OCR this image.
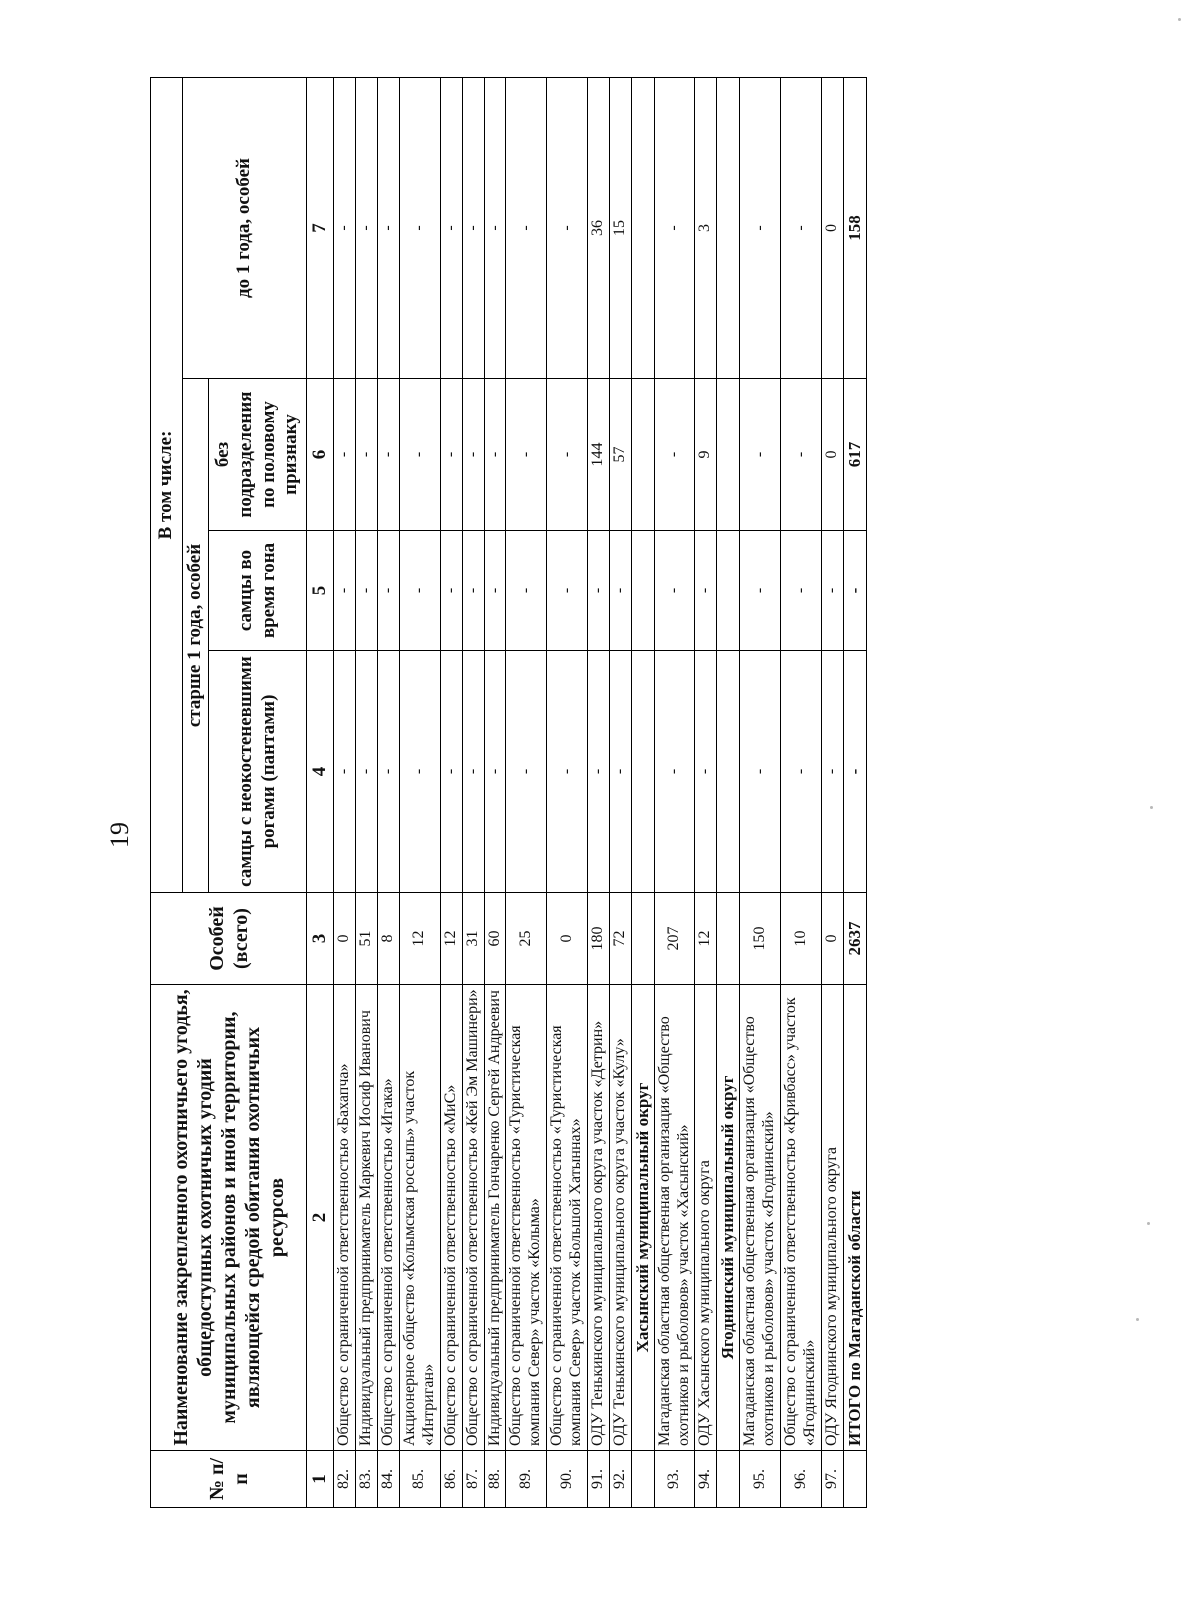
19
№ п/п	Наименование закрепленного охотничьего угодья, общедоступных охотничьих угодий муниципальных районов и иной территории, являющейся средой обитания охотничьих ресурсов	Особей (всего)	В том числе:			
			старше 1 года, особей			до 1 года, особей
			самцы с неокостеневшими рогами (пантами)	самцы во время гона	без подразделения по половому признаку	
1	2	3	4	5	6	7
82.	Общество с ограниченной ответственностью «Бахапча»	0	-	-	-	-
83.	Индивидуальный предприниматель Маркевич Иосиф Иванович	51	-	-	-	-
84.	Общество с ограниченной ответственностью «Игака»	8	-	-	-	-
85.	Акционерное общество «Колымская россыпь» участок «Интриган»	12	-	-	-	-
86.	Общество с ограниченной ответственностью «МиС»	12	-	-	-	-
87.	Общество с ограниченной ответственностью «Кей Эм Машинери»	31	-	-	-	-
88.	Индивидуальный предприниматель Гончаренко Сергей Андреевич	60	-	-	-	-
89.	Общество с ограниченной ответственностью «Туристическая компания Север» участок «Колыма»	25	-	-	-	-
90.	Общество с ограниченной ответственностью «Туристическая компания Север» участок «Большой Хатыннах»	0	-	-	-	-
91.	ОДУ Тенькинского муниципального округа участок «Детрин»	180	-	-	144	36
92.	ОДУ Тенькинского муниципального округа участок «Кулу»	72	-	-	57	15
	Хасынский муниципальный округ					
93.	Магаданская областная общественная организация «Общество охотников и рыболовов» участок «Хасынский»	207	-	-	-	-
94.	ОДУ Хасынского муниципального округа	12	-	-	9	3
	Ягоднинский муниципальный округ					
95.	Магаданская областная общественная организация «Общество охотников и рыболовов» участок «Ягоднинский»	150	-	-	-	-
96.	Общество с ограниченной ответственностью «Кривбасс» участок «Ягоднинский»	10	-	-	-	-
97.	ОДУ Ягоднинского муниципального округа	0	-	-	0	0
	ИТОГО по Магаданской области	2637	-	-	617	158
